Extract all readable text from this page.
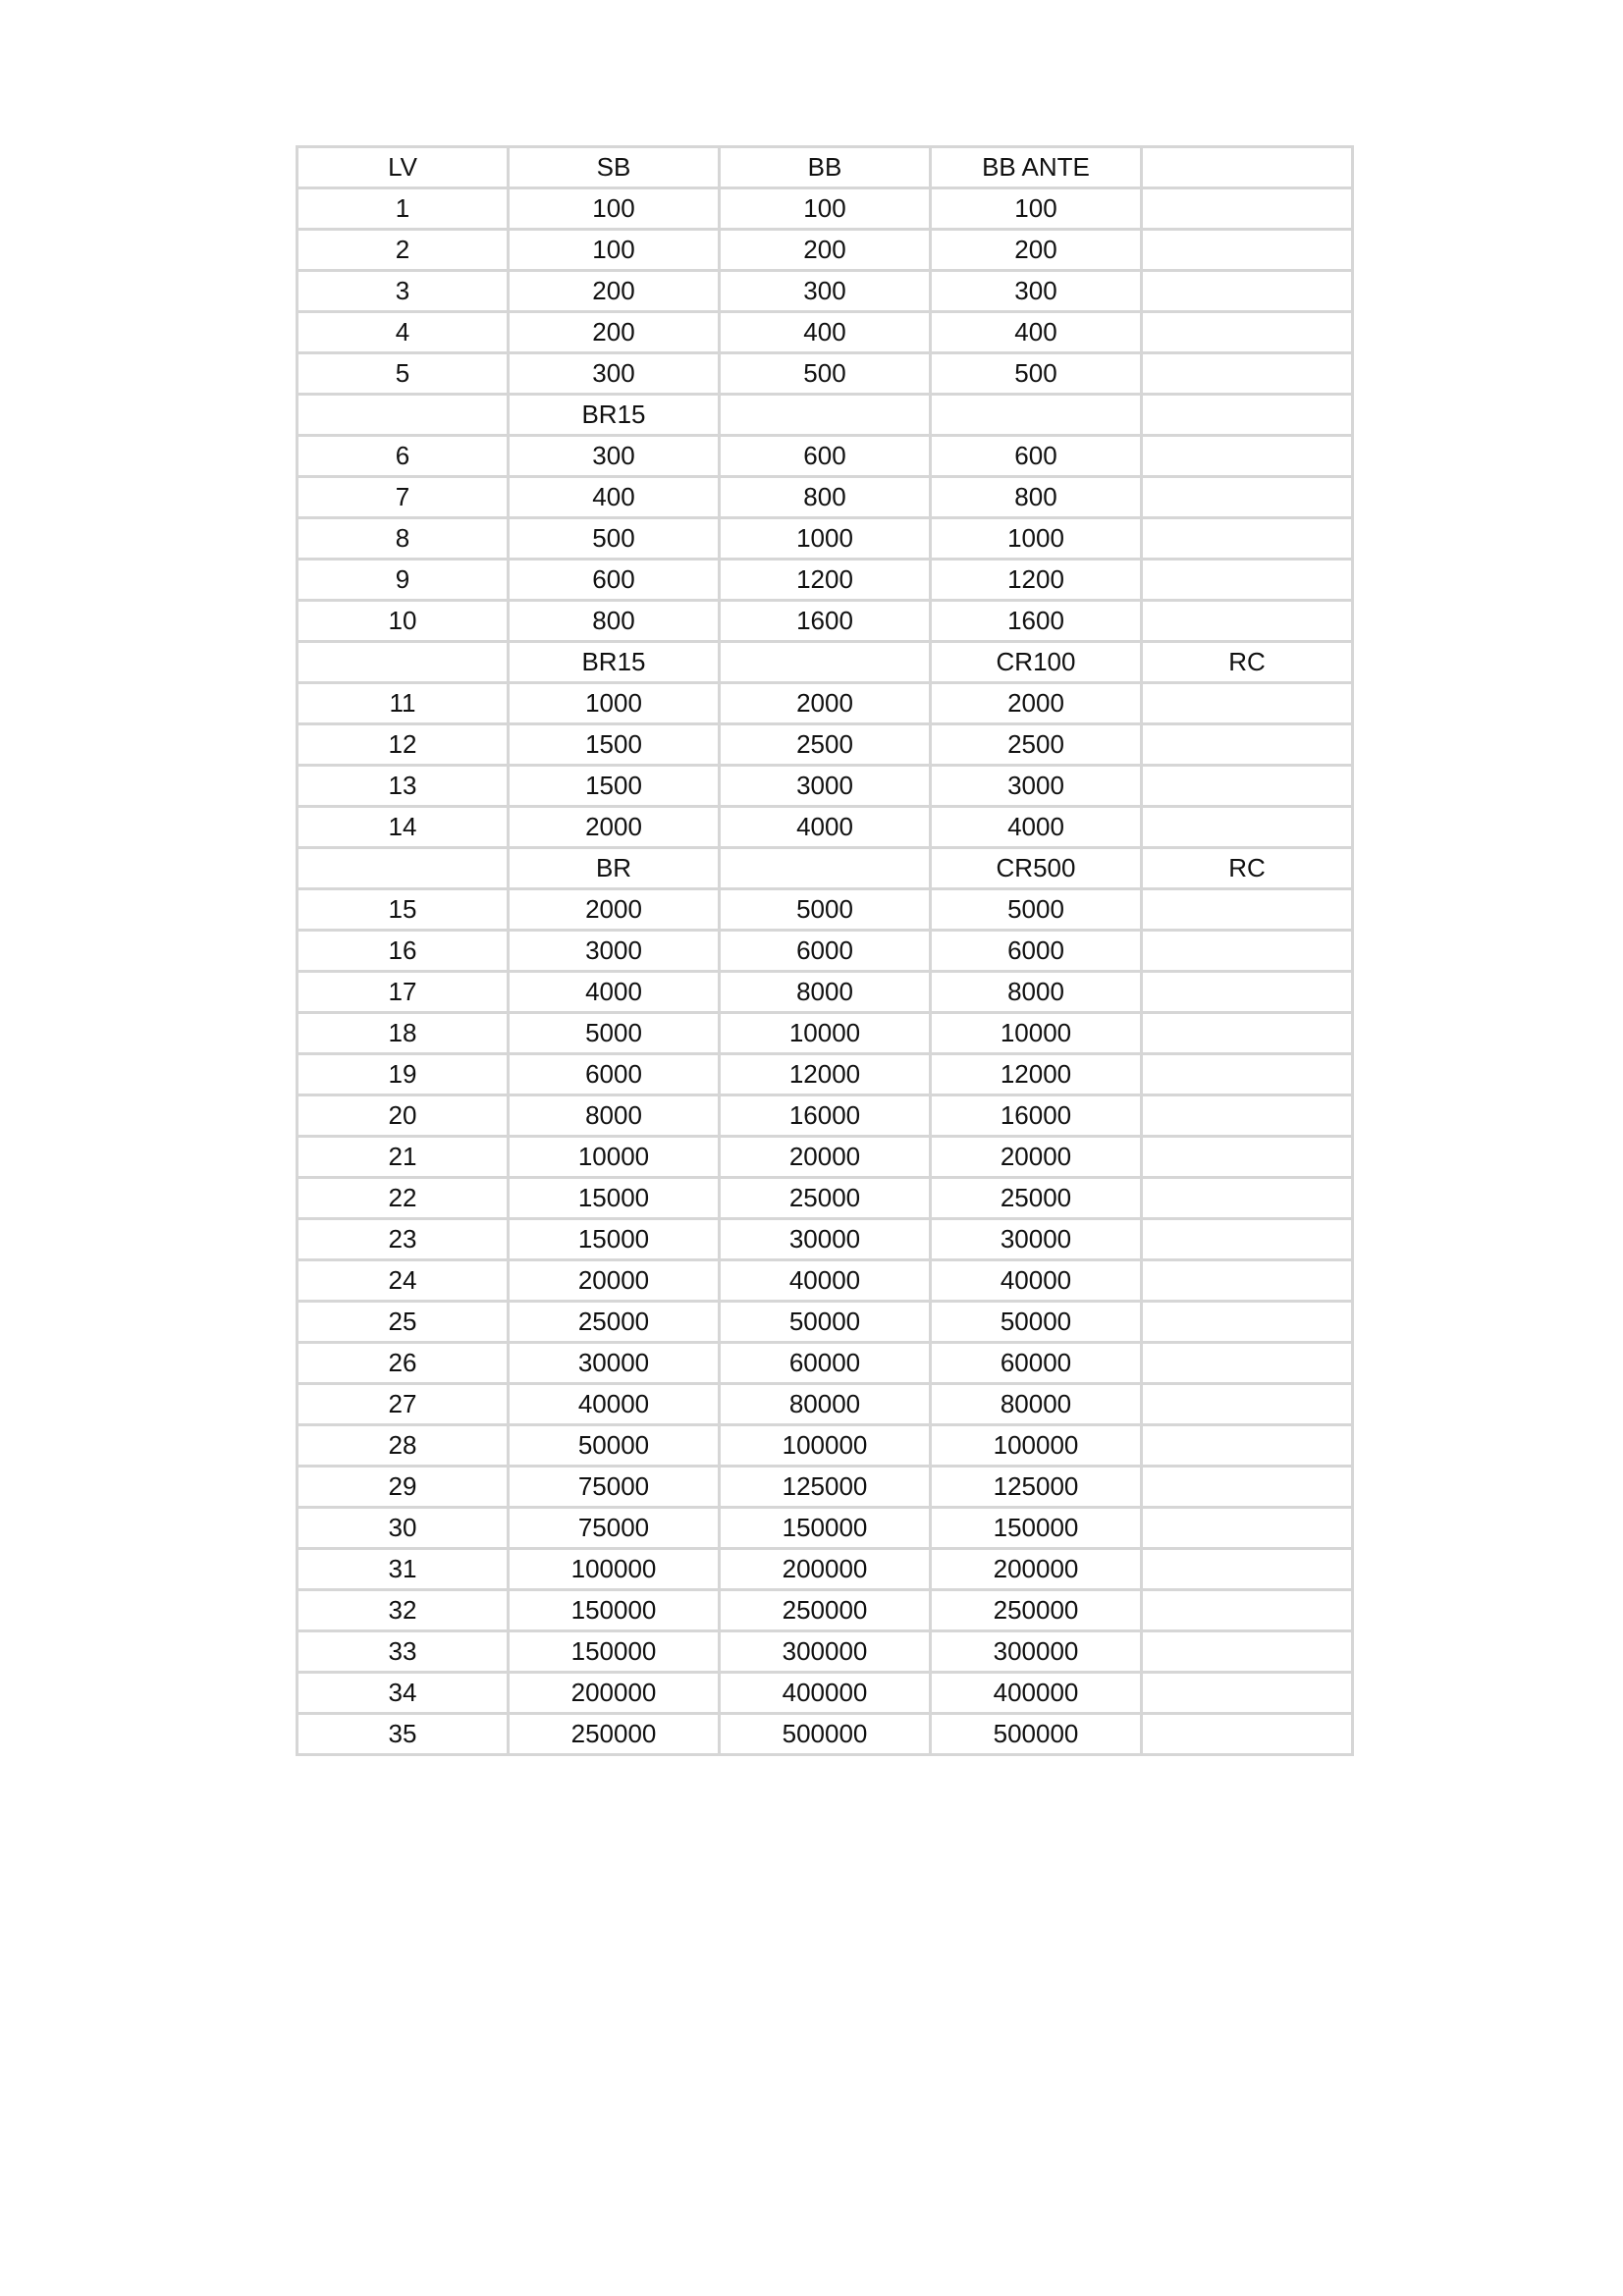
LV	SB	BB	BB ANTE	
1	100	100	100	
2	100	200	200	
3	200	300	300	
4	200	400	400	
5	300	500	500	
	BR15			
6	300	600	600	
7	400	800	800	
8	500	1000	1000	
9	600	1200	1200	
10	800	1600	1600	
	BR15		CR100	RC
11	1000	2000	2000	
12	1500	2500	2500	
13	1500	3000	3000	
14	2000	4000	4000	
	BR		CR500	RC
15	2000	5000	5000	
16	3000	6000	6000	
17	4000	8000	8000	
18	5000	10000	10000	
19	6000	12000	12000	
20	8000	16000	16000	
21	10000	20000	20000	
22	15000	25000	25000	
23	15000	30000	30000	
24	20000	40000	40000	
25	25000	50000	50000	
26	30000	60000	60000	
27	40000	80000	80000	
28	50000	100000	100000	
29	75000	125000	125000	
30	75000	150000	150000	
31	100000	200000	200000	
32	150000	250000	250000	
33	150000	300000	300000	
34	200000	400000	400000	
35	250000	500000	500000	
